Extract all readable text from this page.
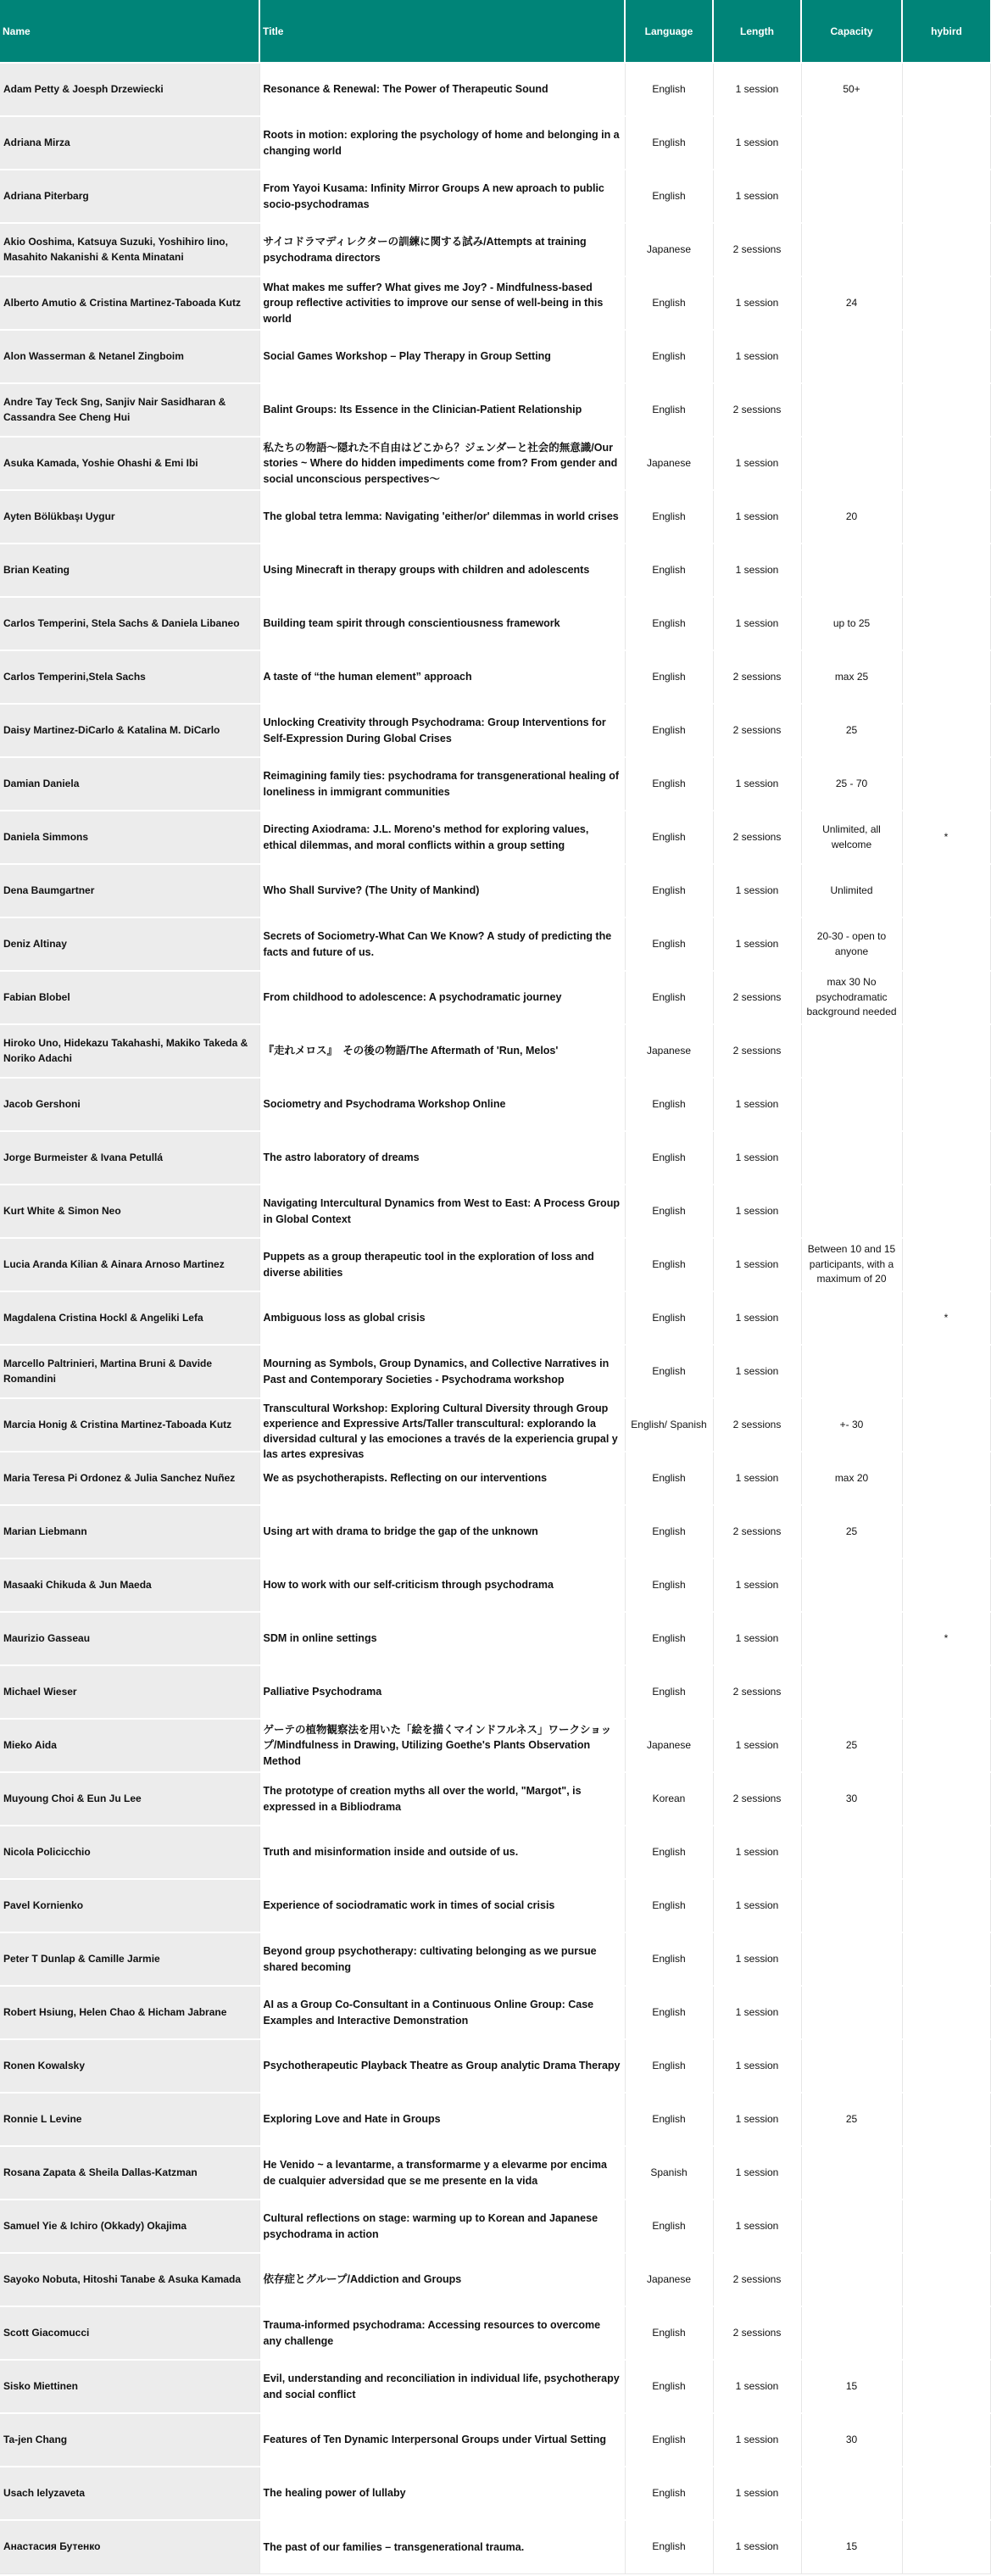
Name	Title	Language	Length	Capacity	hybird

Adam Petty & Joesph Drzewiecki	Resonance & Renewal: The Power of Therapeutic Sound	English	1 session	50+	

Adriana Mirza	Roots in motion: exploring the psychology of home and belonging in a changing world	English	1 session		

Adriana Piterbarg	From Yayoi Kusama: Infinity Mirror Groups A new aproach to public socio-psychodramas	English	1 session		

Akio Ooshima, Katsuya Suzuki, Yoshihiro Iino, Masahito Nakanishi & Kenta Minatani	サイコドラマディレクターの訓練に関する試み/Attempts at training psychodrama directors	Japanese	2 sessions		

Alberto Amutio & Cristina Martinez-Taboada Kutz	What makes me suffer? What gives me Joy? - Mindfulness-based group reflective activities to improve our sense of well-being in this world	English	1 session	24	

Alon Wasserman & Netanel Zingboim	Social Games Workshop – Play Therapy in Group Setting	English	1 session		

Andre Tay Teck Sng, Sanjiv Nair Sasidharan & Cassandra See Cheng Hui	Balint Groups: Its Essence in the Clinician-Patient Relationship	English	2 sessions		

Asuka Kamada, Yoshie Ohashi & Emi Ibi	私たちの物語〜隠れた不自由はどこから？ジェンダーと社会的無意識/Our stories ~ Where do hidden impediments come from? From gender and social unconscious perspectives〜	Japanese	1 session		

Ayten Bölükbaşı Uygur	The global tetra lemma: Navigating 'either/or' dilemmas in world crises	English	1 session	20	

Brian Keating	Using Minecraft in therapy groups with children and adolescents	English	1 session		

Carlos Temperini, Stela Sachs & Daniela Libaneo	Building team spirit through conscientiousness framework	English	1 session	up to 25	

Carlos Temperini,Stela Sachs	A taste of “the human element” approach	English	2 sessions	max 25	

Daisy Martinez-DiCarlo & Katalina M. DiCarlo	Unlocking Creativity through Psychodrama: Group Interventions for Self-Expression During Global Crises	English	2 sessions	25	

Damian Daniela	Reimagining family ties: psychodrama for transgenerational healing of loneliness in immigrant communities	English	1 session	25 - 70	

Daniela Simmons	Directing Axiodrama: J.L. Moreno's method for exploring values, ethical dilemmas, and moral conflicts within a group setting	English	2 sessions	Unlimited, all welcome	*

Dena Baumgartner	Who Shall Survive? (The Unity of Mankind)	English	1 session	Unlimited	

Deniz Altinay	Secrets of Sociometry-What Can We Know? A study of predicting the facts and future of us.	English	1 session	20-30 - open to anyone	

Fabian Blobel	From childhood to adolescence: A psychodramatic journey	English	2 sessions	max 30 No psychodramatic background needed	

Hiroko Uno, Hidekazu Takahashi, Makiko Takeda & Noriko Adachi	『走れメロス』　その後の物語/The Aftermath of 'Run, Melos'	Japanese	2 sessions		

Jacob Gershoni	Sociometry and Psychodrama Workshop Online	English	1 session		

Jorge Burmeister & Ivana Petullá	The astro laboratory of dreams	English	1 session		

Kurt White & Simon Neo	Navigating Intercultural Dynamics from West to East: A Process Group in Global Context	English	1 session		

Lucia Aranda Kilian & Ainara Arnoso Martinez	Puppets as a group therapeutic tool in the exploration of loss and diverse abilities	English	1 session	Between 10 and 15 participants, with a maximum of 20	

Magdalena Cristina Hockl & Angeliki Lefa	Ambiguous loss as global crisis	English	1 session		*

Marcello Paltrinieri, Martina Bruni & Davide Romandini	Mourning as Symbols, Group Dynamics, and Collective Narratives in Past and Contemporary Societies - Psychodrama workshop	English	1 session		

Marcia Honig & Cristina Martinez-Taboada Kutz	Transcultural Workshop: Exploring Cultural Diversity through Group experience and Expressive Arts/Taller transcultural: explorando la diversidad cultural y las emociones a través de la experiencia grupal y las artes expresivas	English/ Spanish	2 sessions	+- 30	

Maria Teresa Pi Ordonez & Julia Sanchez Nuñez	We as psychotherapists. Reflecting on our interventions	English	1 session	max 20	

Marian Liebmann	Using art with drama to bridge the gap of the unknown	English	2 sessions	25	

Masaaki Chikuda & Jun Maeda	How to work with our self-criticism through psychodrama	English	1 session		

Maurizio Gasseau	SDM in online settings	English	1 session		*

Michael Wieser	Palliative Psychodrama	English	2 sessions		

Mieko Aida	ゲーテの植物観察法を用いた「絵を描くマインドフルネス」ワークショップ/Mindfulness in Drawing, Utilizing Goethe's Plants Observation Method	Japanese	1 session	25	

Muyoung Choi & Eun Ju Lee	The prototype of creation myths all over the world, "Margot", is expressed in a Bibliodrama	Korean	2 sessions	30	

Nicola Policicchio	Truth and misinformation inside and outside of us.	English	1 session		

Pavel Kornienko	Experience of sociodramatic work in times of social crisis	English	1 session		

Peter T Dunlap & Camille Jarmie	Beyond group psychotherapy: cultivating belonging as we pursue shared becoming	English	1 session		

Robert Hsiung, Helen Chao & Hicham Jabrane	AI as a Group Co-Consultant in a Continuous Online Group: Case Examples and Interactive Demonstration	English	1 session		

Ronen Kowalsky	Psychotherapeutic Playback Theatre as Group analytic Drama Therapy	English	1 session		

Ronnie L Levine	Exploring Love and Hate in Groups	English	1 session	25	

Rosana Zapata & Sheila Dallas-Katzman	He Venido ~ a levantarme, a transformarme y a elevarme por encima de cualquier adversidad que se me presente en la vida	Spanish	1 session		

Samuel Yie & Ichiro (Okkady) Okajima	Cultural reflections on stage: warming up to Korean and Japanese psychodrama in action	English	1 session		

Sayoko Nobuta, Hitoshi Tanabe & Asuka Kamada	依存症とグループ/Addiction and Groups	Japanese	2 sessions		

Scott Giacomucci	Trauma-informed psychodrama: Accessing resources to overcome any challenge	English	2 sessions		

Sisko Miettinen	Evil, understanding and reconciliation in individual life, psychotherapy and social conflict	English	1 session	15	

Ta-jen Chang	Features of Ten Dynamic Interpersonal Groups under Virtual Setting	English	1 session	30	

Usach Ielyzaveta	The healing power of lullaby	English	1 session		

Анастасия Бутенко	The past of our families – transgenerational trauma.	English	1 session	15	
